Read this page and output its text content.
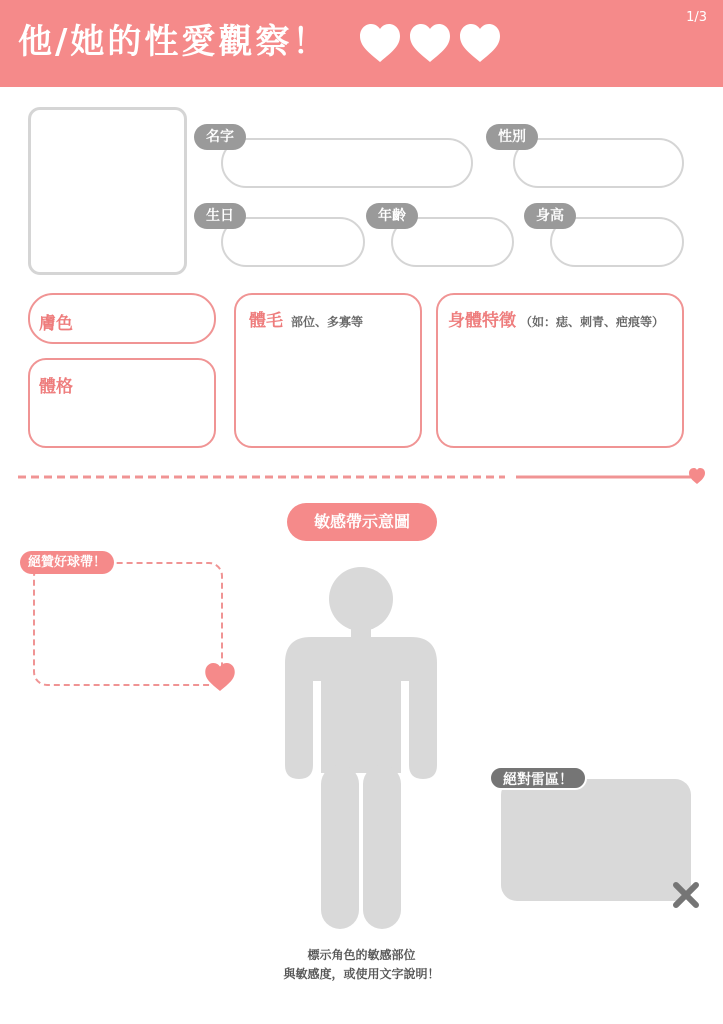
他/她的性愛觀察！
1/3
名字	性別
生日	年齡	身高
膚色
體格
體毛 部位、多寡等	身體特徵 （如：痣、刺青、疤痕等）
敏感帶示意圖
絕贊好球帶！
絕對雷區！
標示角色的敏感部位
與敏感度，或使用文字說明！
